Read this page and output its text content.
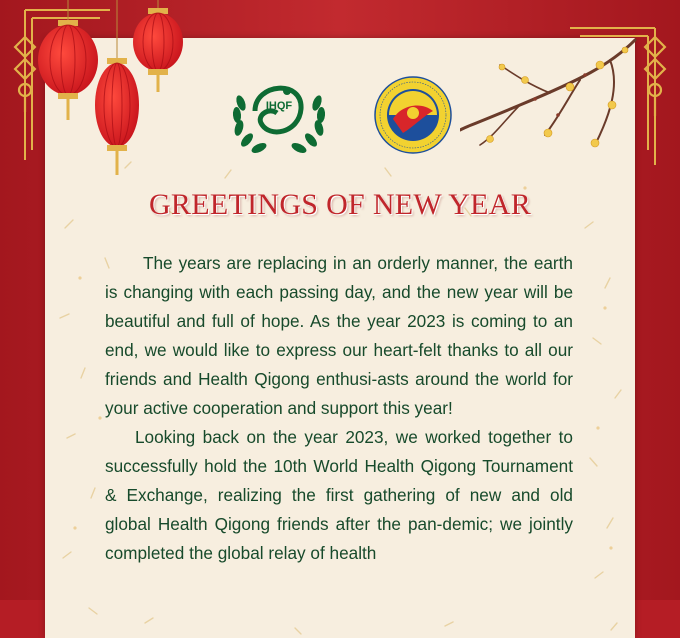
IHQF
GREETINGS OF NEW YEAR

The years are replacing in an orderly manner, the earth is changing with each passing day, and the new year will be beautiful and full of hope. As the year 2023 is coming to an end, we would like to express our heart-felt thanks to all our friends and Health Qigong enthusi-asts around the world for your active cooperation and support this year!

Looking back on the year 2023, we worked together to successfully hold the 10th World Health Qigong Tournament & Exchange, realizing the first gathering of new and old global Health Qigong friends after the pan-demic; we jointly completed the global relay of health
